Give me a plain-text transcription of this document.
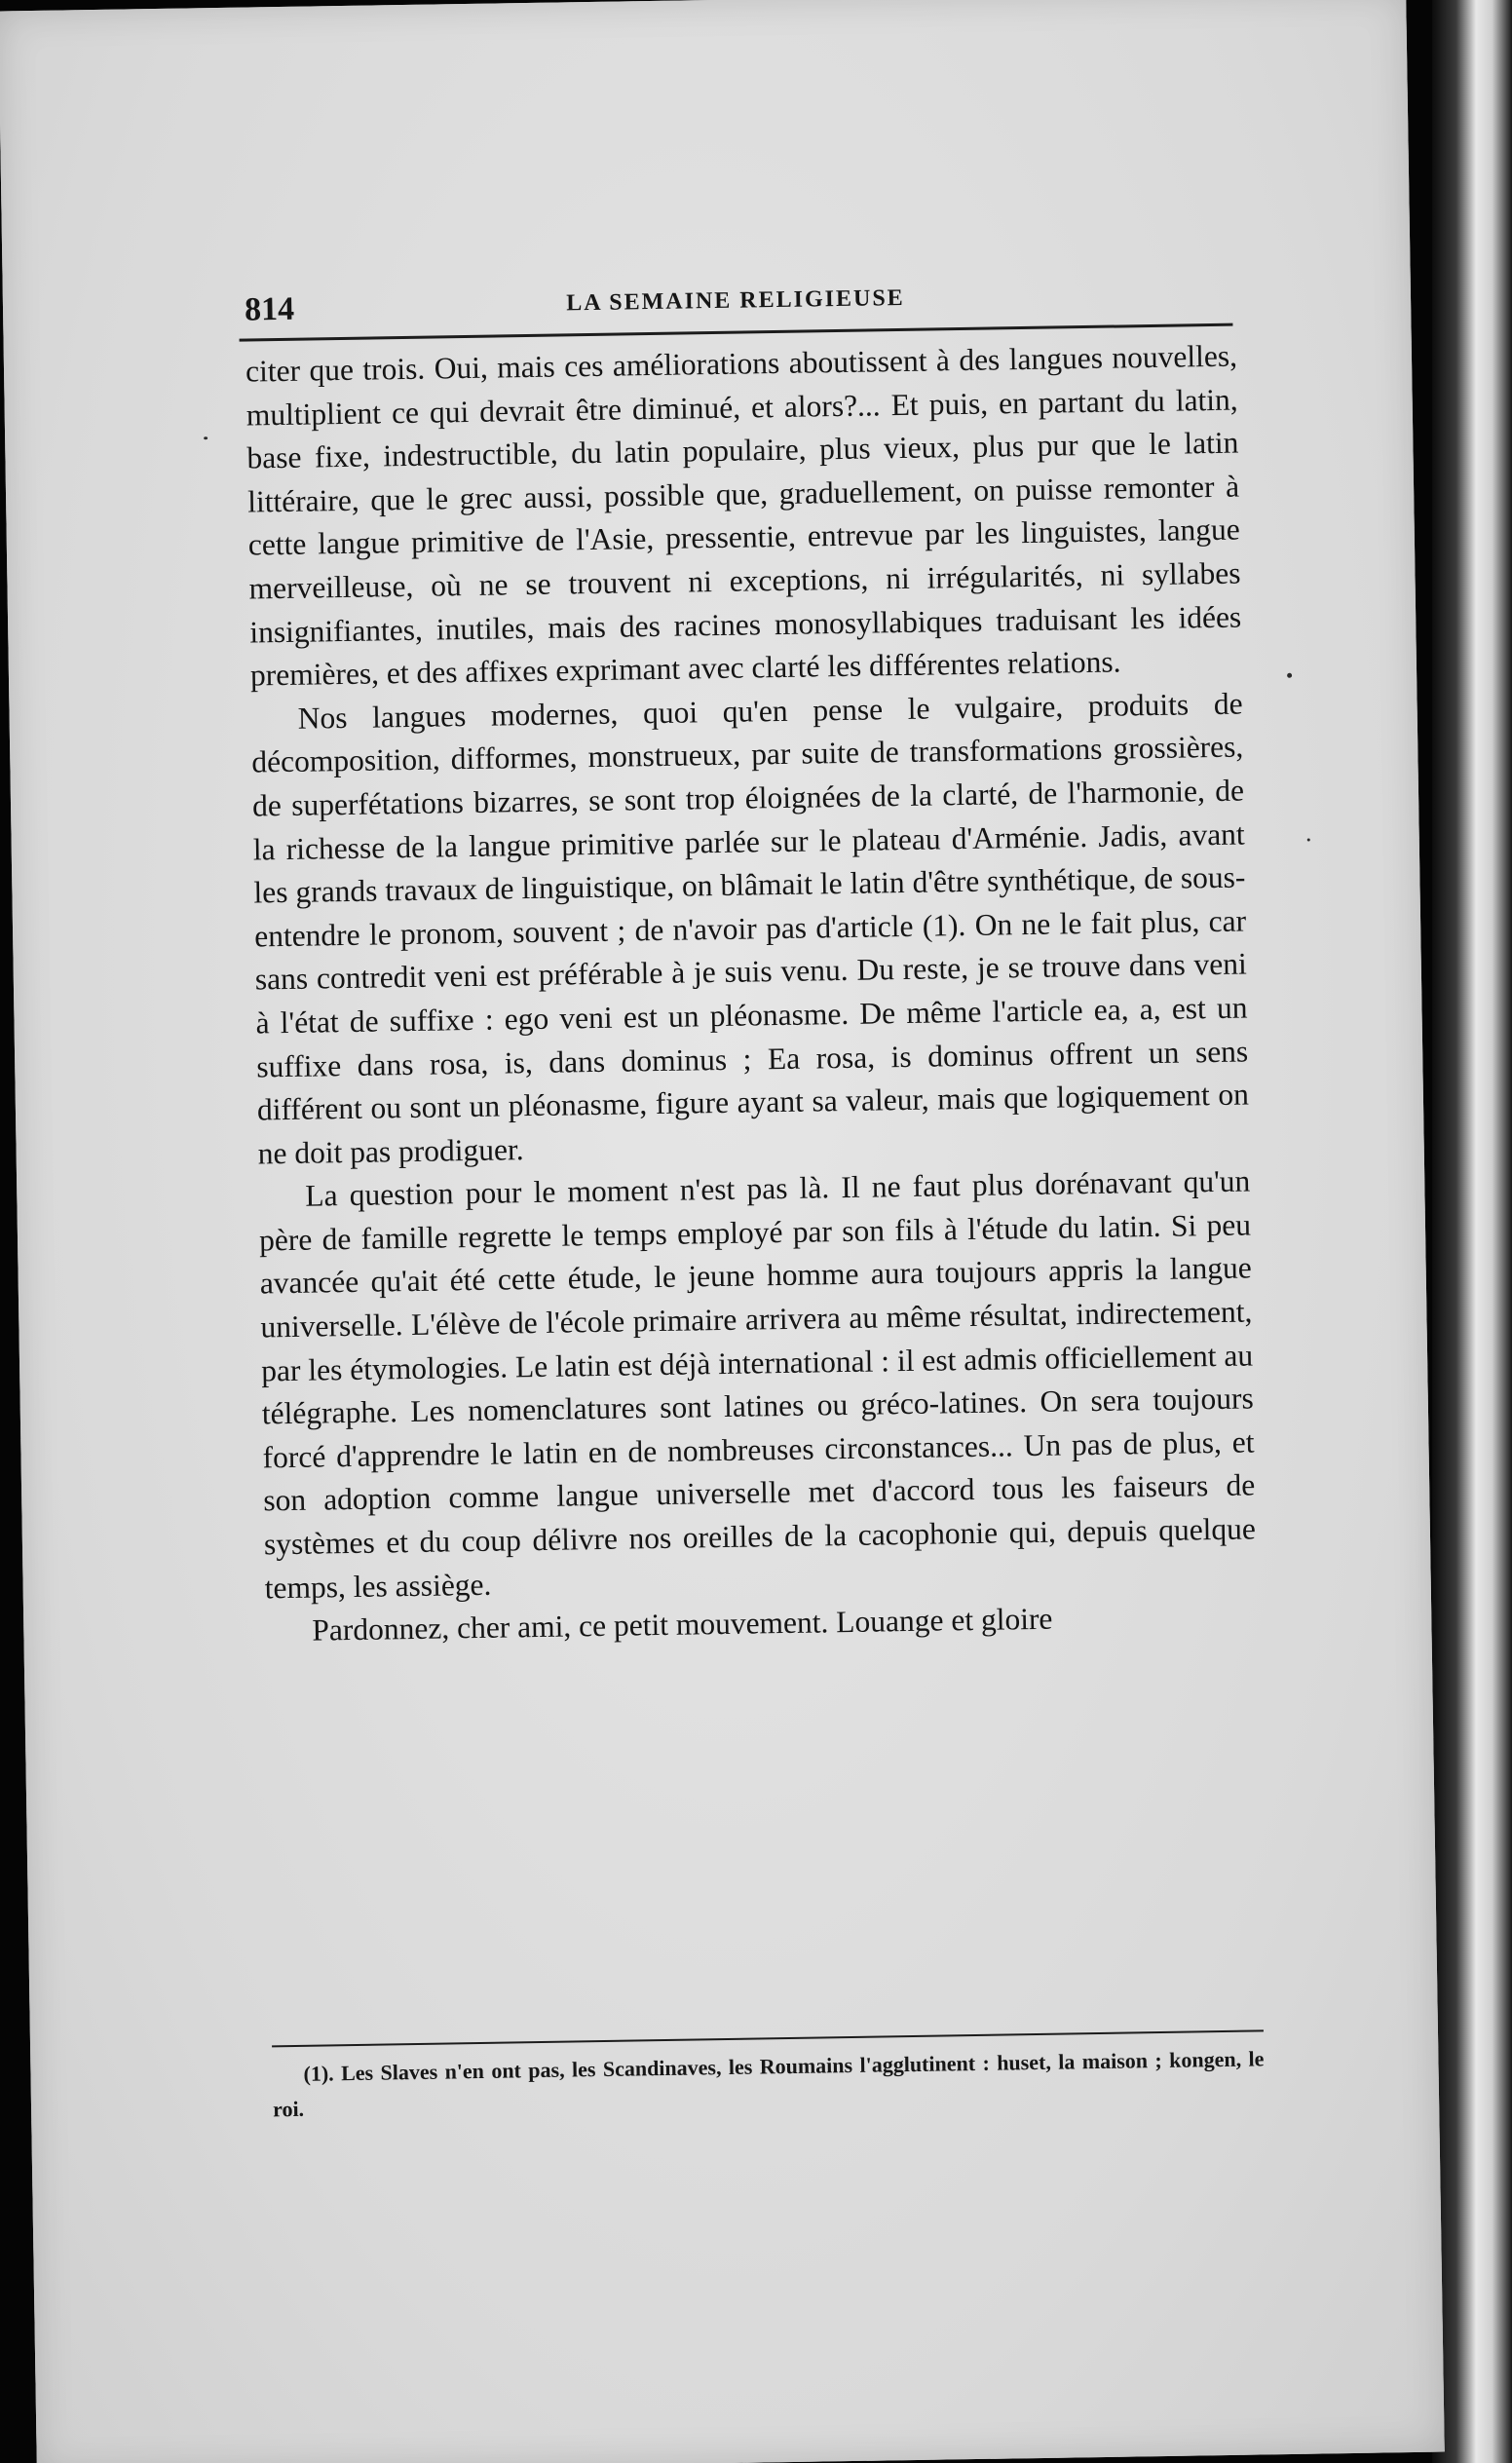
814	LA SEMAINE RELIGIEUSE

citer que trois. Oui, mais ces améliorations aboutissent à des langues nouvelles, multiplient ce qui devrait être diminué, et alors?... Et puis, en partant du latin, base fixe, indestructible, du latin populaire, plus vieux, plus pur que le latin littéraire, que le grec aussi, possible que, graduellement, on puisse remonter à cette langue primitive de l'Asie, pressentie, entrevue par les linguistes, langue merveilleuse, où ne se trouvent ni exceptions, ni irrégularités, ni syllabes insignifiantes, inutiles, mais des racines monosyllabiques traduisant les idées premières, et des affixes exprimant avec clarté les différentes relations.

Nos langues modernes, quoi qu'en pense le vulgaire, produits de décomposition, difformes, monstrueux, par suite de transformations grossières, de superfétations bizarres, se sont trop éloignées de la clarté, de l'harmonie, de la richesse de la langue primitive parlée sur le plateau d'Arménie. Jadis, avant les grands travaux de linguistique, on blâmait le latin d'être synthétique, de sous-entendre le pronom, souvent ; de n'avoir pas d'article (1). On ne le fait plus, car sans contredit veni est préférable à je suis venu. Du reste, je se trouve dans veni à l'état de suffixe : ego veni est un pléonasme. De même l'article ea, a, est un suffixe dans rosa, is, dans dominus ; Ea rosa, is dominus offrent un sens différent ou sont un pléonasme, figure ayant sa valeur, mais que logiquement on ne doit pas prodiguer.

La question pour le moment n'est pas là. Il ne faut plus dorénavant qu'un père de famille regrette le temps employé par son fils à l'étude du latin. Si peu avancée qu'ait été cette étude, le jeune homme aura toujours appris la langue universelle. L'élève de l'école primaire arrivera au même résultat, indirectement, par les étymologies. Le latin est déjà international : il est admis officiellement au télégraphe. Les nomenclatures sont latines ou gréco-latines. On sera toujours forcé d'apprendre le latin en de nombreuses circonstances... Un pas de plus, et son adoption comme langue universelle met d'accord tous les faiseurs de systèmes et du coup délivre nos oreilles de la cacophonie qui, depuis quelque temps, les assiège.

Pardonnez, cher ami, ce petit mouvement. Louange et gloire

(1). Les Slaves n'en ont pas, les Scandinaves, les Roumains l'agglutinent : huset, la maison ; kongen, le roi.
